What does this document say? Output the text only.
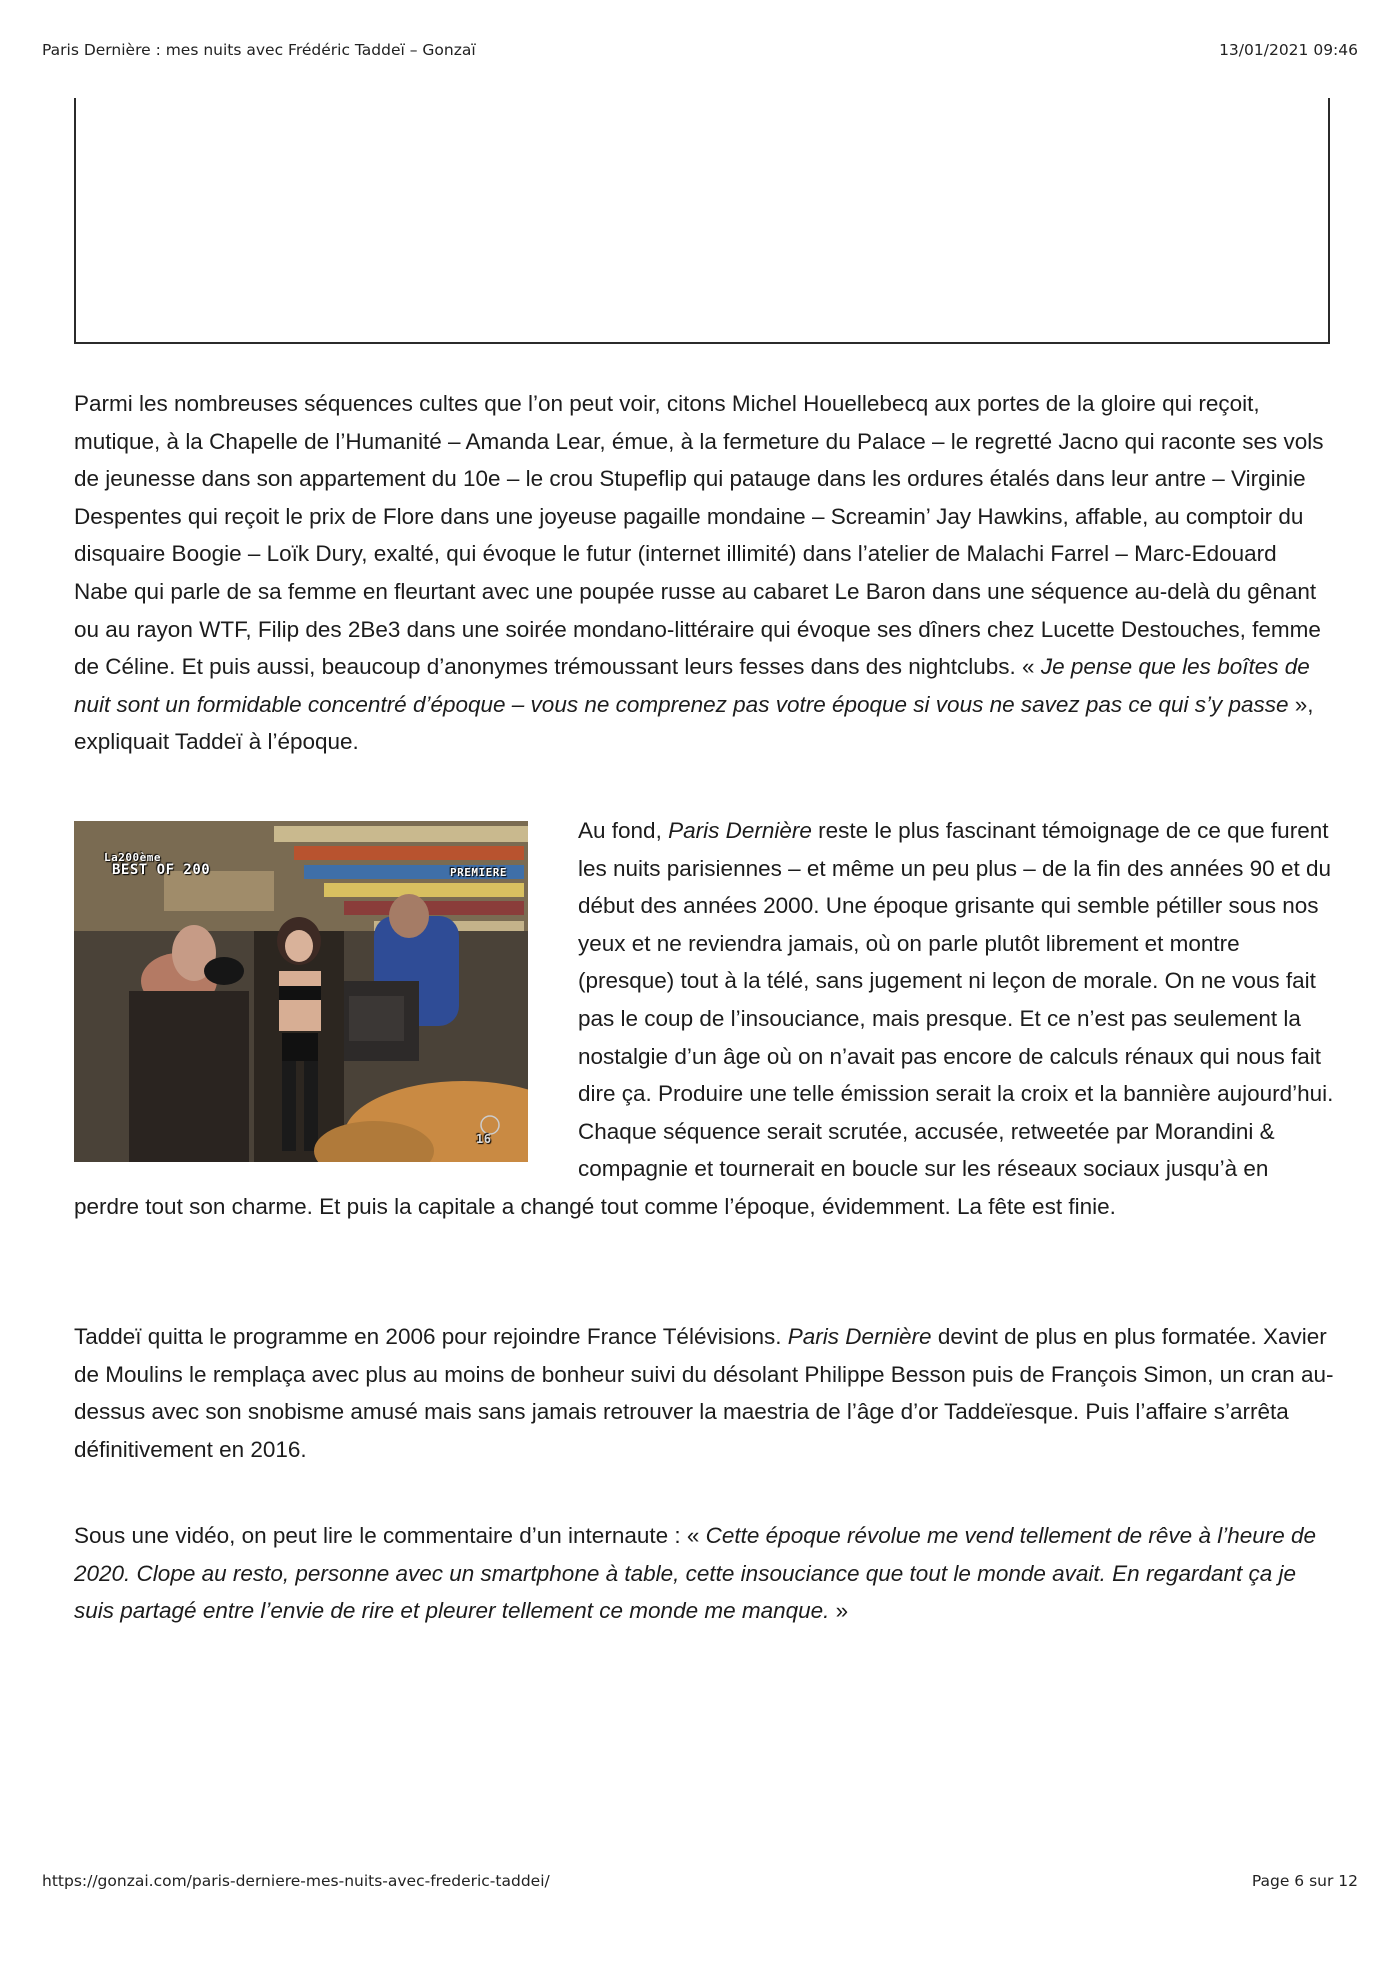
Paris Dernière : mes nuits avec Frédéric Taddeï – Gonzaï	13/01/2021 09:46

Parmi les nombreuses séquences cultes que l’on peut voir, citons Michel Houellebecq aux portes de la gloire qui reçoit, mutique, à la Chapelle de l’Humanité – Amanda Lear, émue, à la fermeture du Palace – le regretté Jacno qui raconte ses vols de jeunesse dans son appartement du 10e – le crou Stupeflip qui patauge dans les ordures étalés dans leur antre – Virginie Despentes qui reçoit le prix de Flore dans une joyeuse pagaille mondaine – Screamin’ Jay Hawkins, affable, au comptoir du disquaire Boogie – Loïk Dury, exalté, qui évoque le futur (internet illimité) dans l’atelier de Malachi Farrel – Marc-Edouard Nabe qui parle de sa femme en fleurtant avec une poupée russe au cabaret Le Baron dans une séquence au-delà du gênant ou au rayon WTF, Filip des 2Be3 dans une soirée mondano-littéraire qui évoque ses dîners chez Lucette Destouches, femme de Céline. Et puis aussi, beaucoup d’anonymes trémoussant leurs fesses dans des nightclubs. « Je pense que les boîtes de nuit sont un formidable concentré d’époque – vous ne comprenez pas votre époque si vous ne savez pas ce qui s’y passe », expliquait Taddeï à l’époque.

La200ème
BEST OF 200	PREMIERE
16
Au fond, Paris Dernière reste le plus fascinant témoignage de ce que furent les nuits parisiennes – et même un peu plus – de la fin des années 90 et du début des années 2000. Une époque grisante qui semble pétiller sous nos yeux et ne reviendra jamais, où on parle plutôt librement et montre (presque) tout à la télé, sans jugement ni leçon de morale. On ne vous fait pas le coup de l’insouciance, mais presque. Et ce n’est pas seulement la nostalgie d’un âge où on n’avait pas encore de calculs rénaux qui nous fait dire ça. Produire une telle émission serait la croix et la bannière aujourd’hui. Chaque séquence serait scrutée, accusée, retweetée par Morandini & compagnie et tournerait en boucle sur les réseaux sociaux jusqu’à en perdre tout son charme. Et puis la capitale a changé tout comme l’époque, évidemment. La fête est finie.

Taddeï quitta le programme en 2006 pour rejoindre France Télévisions. Paris Dernière devint de plus en plus formatée. Xavier de Moulins le remplaça avec plus au moins de bonheur suivi du désolant Philippe Besson puis de François Simon, un cran au-dessus avec son snobisme amusé mais sans jamais retrouver la maestria de l’âge d’or Taddeïesque. Puis l’affaire s’arrêta définitivement en 2016.

Sous une vidéo, on peut lire le commentaire d’un internaute : « Cette époque révolue me vend tellement de rêve à l’heure de 2020. Clope au resto, personne avec un smartphone à table, cette insouciance que tout le monde avait. En regardant ça je suis partagé entre l’envie de rire et pleurer tellement ce monde me manque. »

https://gonzai.com/paris-derniere-mes-nuits-avec-frederic-taddei/	Page 6 sur 12
